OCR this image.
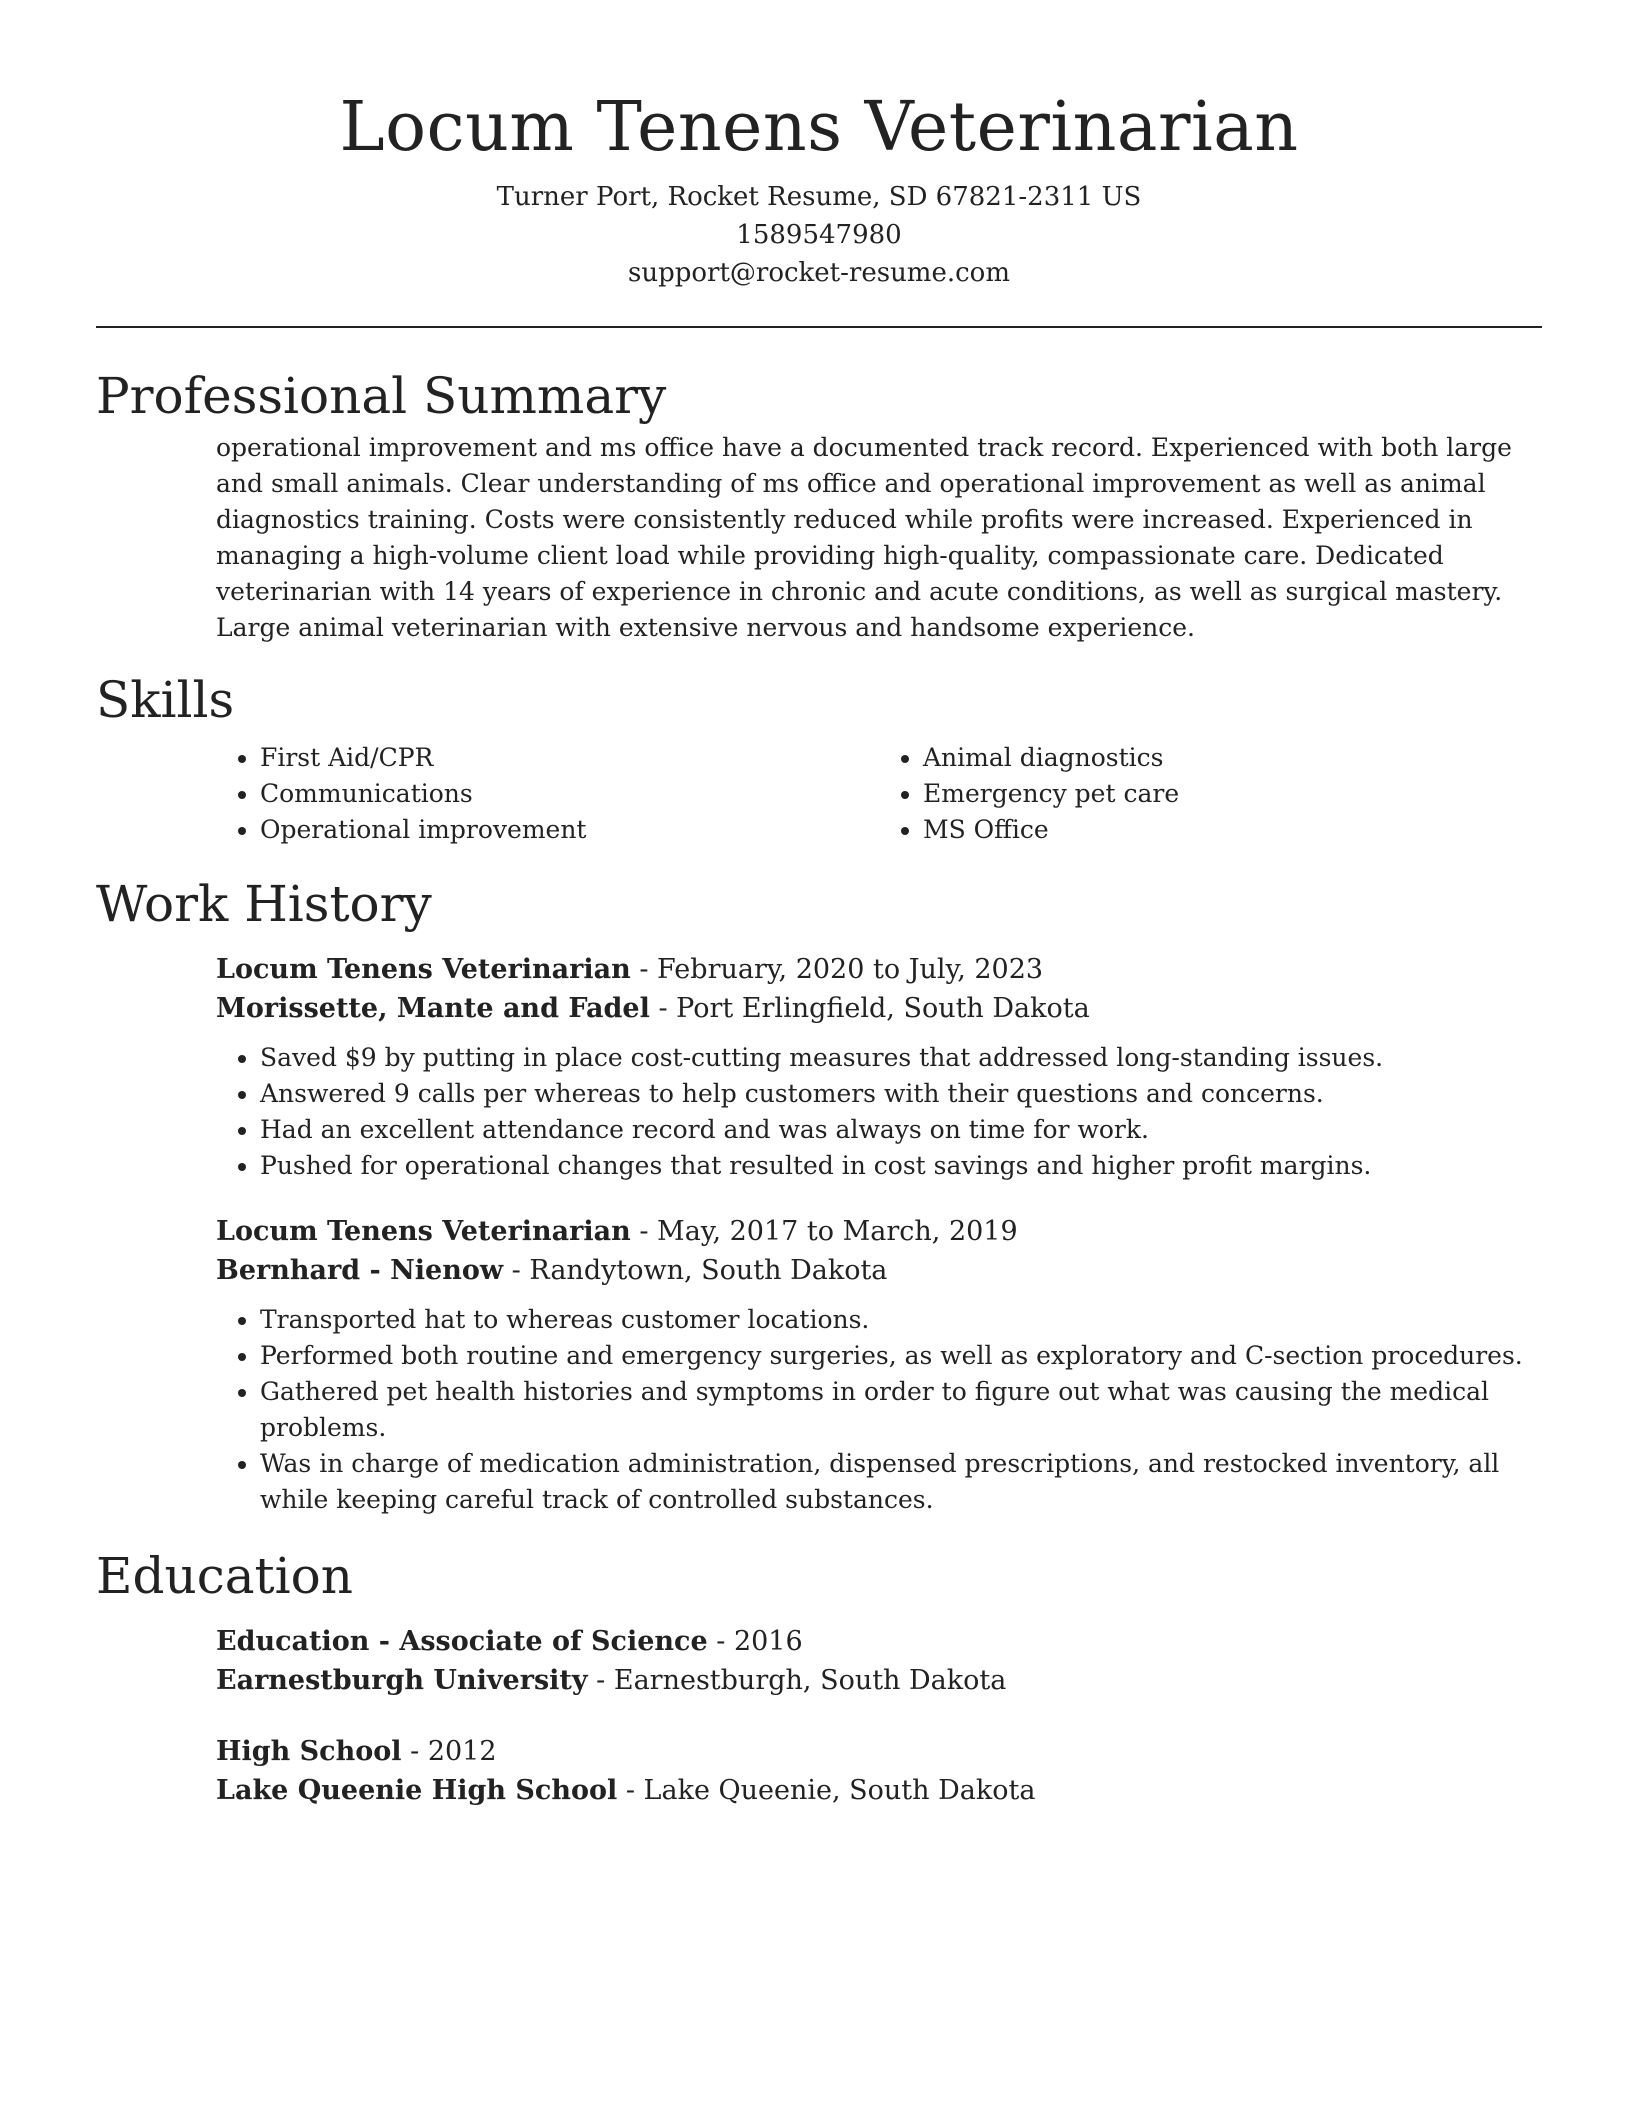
Locum Tenens Veterinarian
Turner Port, Rocket Resume, SD 67821-2311 US
1589547980
support@rocket-resume.com
Professional Summary
operational improvement and ms office have a documented track record. Experienced with both large and small animals. Clear understanding of ms office and operational improvement as well as animal diagnostics training. Costs were consistently reduced while profits were increased. Experienced in managing a high-volume client load while providing high-quality, compassionate care. Dedicated veterinarian with 14 years of experience in chronic and acute conditions, as well as surgical mastery. Large animal veterinarian with extensive nervous and handsome experience.
Skills
• First Aid/CPR
• Communications
• Operational improvement
• Animal diagnostics
• Emergency pet care
• MS Office
Work History
Locum Tenens Veterinarian - February, 2020 to July, 2023
Morissette, Mante and Fadel - Port Erlingfield, South Dakota
• Saved $9 by putting in place cost-cutting measures that addressed long-standing issues.
• Answered 9 calls per whereas to help customers with their questions and concerns.
• Had an excellent attendance record and was always on time for work.
• Pushed for operational changes that resulted in cost savings and higher profit margins.
Locum Tenens Veterinarian - May, 2017 to March, 2019
Bernhard - Nienow - Randytown, South Dakota
• Transported hat to whereas customer locations.
• Performed both routine and emergency surgeries, as well as exploratory and C-section procedures.
• Gathered pet health histories and symptoms in order to figure out what was causing the medical problems.
• Was in charge of medication administration, dispensed prescriptions, and restocked inventory, all while keeping careful track of controlled substances.
Education
Education - Associate of Science - 2016
Earnestburgh University - Earnestburgh, South Dakota
High School - 2012
Lake Queenie High School - Lake Queenie, South Dakota
